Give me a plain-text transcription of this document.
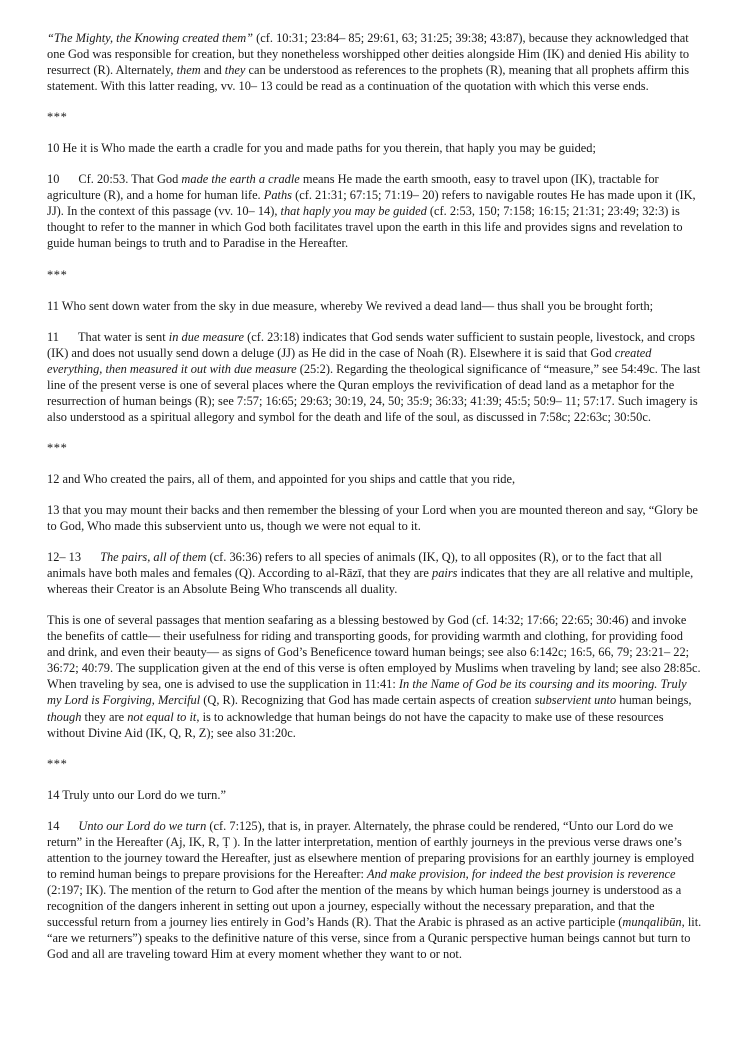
“The Mighty, the Knowing created them” (cf. 10:31; 23:84– 85; 29:61, 63; 31:25; 39:38; 43:87), because they acknowledged that one God was responsible for creation, but they nonetheless worshipped other deities alongside Him (IK) and denied His ability to resurrect (R). Alternately, them and they can be understood as references to the prophets (R), meaning that all prophets affirm this statement. With this latter reading, vv. 10– 13 could be read as a continuation of the quotation with which this verse ends.

***

10 He it is Who made the earth a cradle for you and made paths for you therein, that haply you may be guided;

10 Cf. 20:53. That God made the earth a cradle means He made the earth smooth, easy to travel upon (IK), tractable for agriculture (R), and a home for human life. Paths (cf. 21:31; 67:15; 71:19– 20) refers to navigable routes He has made upon it (IK, JJ). In the context of this passage (vv. 10– 14), that haply you may be guided (cf. 2:53, 150; 7:158; 16:15; 21:31; 23:49; 32:3) is thought to refer to the manner in which God both facilitates travel upon the earth in this life and provides signs and revelation to guide human beings to truth and to Paradise in the Hereafter.

***

11 Who sent down water from the sky in due measure, whereby We revived a dead land— thus shall you be brought forth;

11 That water is sent in due measure (cf. 23:18) indicates that God sends water sufficient to sustain people, livestock, and crops (IK) and does not usually send down a deluge (JJ) as He did in the case of Noah (R). Elsewhere it is said that God created everything, then measured it out with due measure (25:2). Regarding the theological significance of “measure,” see 54:49c. The last line of the present verse is one of several places where the Quran employs the revivification of dead land as a metaphor for the resurrection of human beings (R); see 7:57; 16:65; 29:63; 30:19, 24, 50; 35:9; 36:33; 41:39; 45:5; 50:9– 11; 57:17. Such imagery is also understood as a spiritual allegory and symbol for the death and life of the soul, as discussed in 7:58c; 22:63c; 30:50c.

***

12 and Who created the pairs, all of them, and appointed for you ships and cattle that you ride,

13 that you may mount their backs and then remember the blessing of your Lord when you are mounted thereon and say, “Glory be to God, Who made this subservient unto us, though we were not equal to it.

12– 13 The pairs, all of them (cf. 36:36) refers to all species of animals (IK, Q), to all opposites (R), or to the fact that all animals have both males and females (Q). According to al-Rāzī, that they are pairs indicates that they are all relative and multiple, whereas their Creator is an Absolute Being Who transcends all duality.

This is one of several passages that mention seafaring as a blessing bestowed by God (cf. 14:32; 17:66; 22:65; 30:46) and invoke the benefits of cattle— their usefulness for riding and transporting goods, for providing warmth and clothing, for providing food and drink, and even their beauty— as signs of God’s Beneficence toward human beings; see also 6:142c; 16:5, 66, 79; 23:21– 22; 36:72; 40:79. The supplication given at the end of this verse is often employed by Muslims when traveling by land; see also 28:85c. When traveling by sea, one is advised to use the supplication in 11:41: In the Name of God be its coursing and its mooring. Truly my Lord is Forgiving, Merciful (Q, R). Recognizing that God has made certain aspects of creation subservient unto human beings, though they are not equal to it, is to acknowledge that human beings do not have the capacity to make use of these resources without Divine Aid (IK, Q, R, Z); see also 31:20c.

***

14 Truly unto our Lord do we turn.”

14 Unto our Lord do we turn (cf. 7:125), that is, in prayer. Alternately, the phrase could be rendered, “Unto our Lord do we return” in the Hereafter (Aj, IK, R, Ṭ ). In the latter interpretation, mention of earthly journeys in the previous verse draws one’s attention to the journey toward the Hereafter, just as elsewhere mention of preparing provisions for an earthly journey is employed to remind human beings to prepare provisions for the Hereafter: And make provision, for indeed the best provision is reverence (2:197; IK). The mention of the return to God after the mention of the means by which human beings journey is understood as a recognition of the dangers inherent in setting out upon a journey, especially without the necessary preparation, and that the successful return from a journey lies entirely in God’s Hands (R). That the Arabic is phrased as an active participle (munqalibūn, lit. “are we returners”) speaks to the definitive nature of this verse, since from a Quranic perspective human beings cannot but turn to God and all are traveling toward Him at every moment whether they want to or not.
